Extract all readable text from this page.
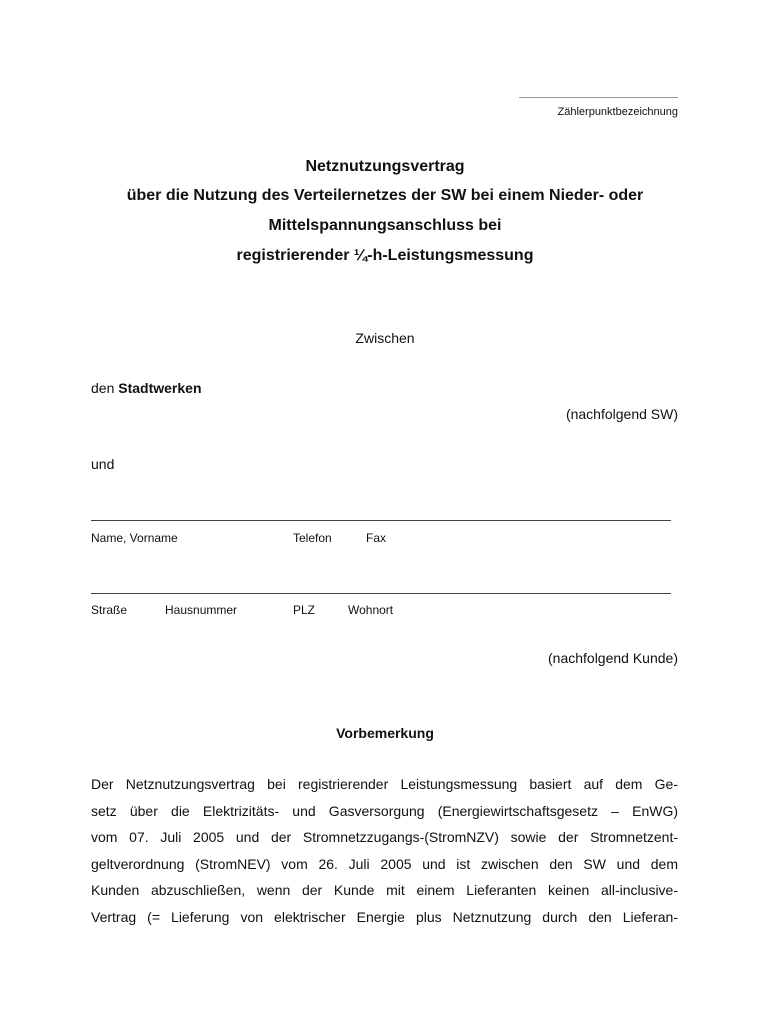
Zählerpunktbezeichnung
Netznutzungsvertrag
über die Nutzung des Verteilernetzes der SW bei einem Nieder- oder
Mittelspannungsanschluss bei
registrierender ¼-h-Leistungsmessung
Zwischen
den Stadtwerken
(nachfolgend SW)
und
Name, Vorname	Telefon	Fax
Straße	Hausnummer	PLZ	Wohnort
(nachfolgend Kunde)
Vorbemerkung
Der Netznutzungsvertrag bei registrierender Leistungsmessung basiert auf dem Ge-
setz über die Elektrizitäts- und Gasversorgung (Energiewirtschaftsgesetz – EnWG)
vom 07. Juli 2005 und der Stromnetzzugangs-(StromNZV) sowie der Stromnetzent-
geltverordnung (StromNEV) vom 26. Juli 2005 und ist zwischen den SW und dem
Kunden abzuschließen, wenn der Kunde mit einem Lieferanten keinen all-inclusive-
Vertrag (= Lieferung von elektrischer Energie plus Netznutzung durch den Lieferan-
